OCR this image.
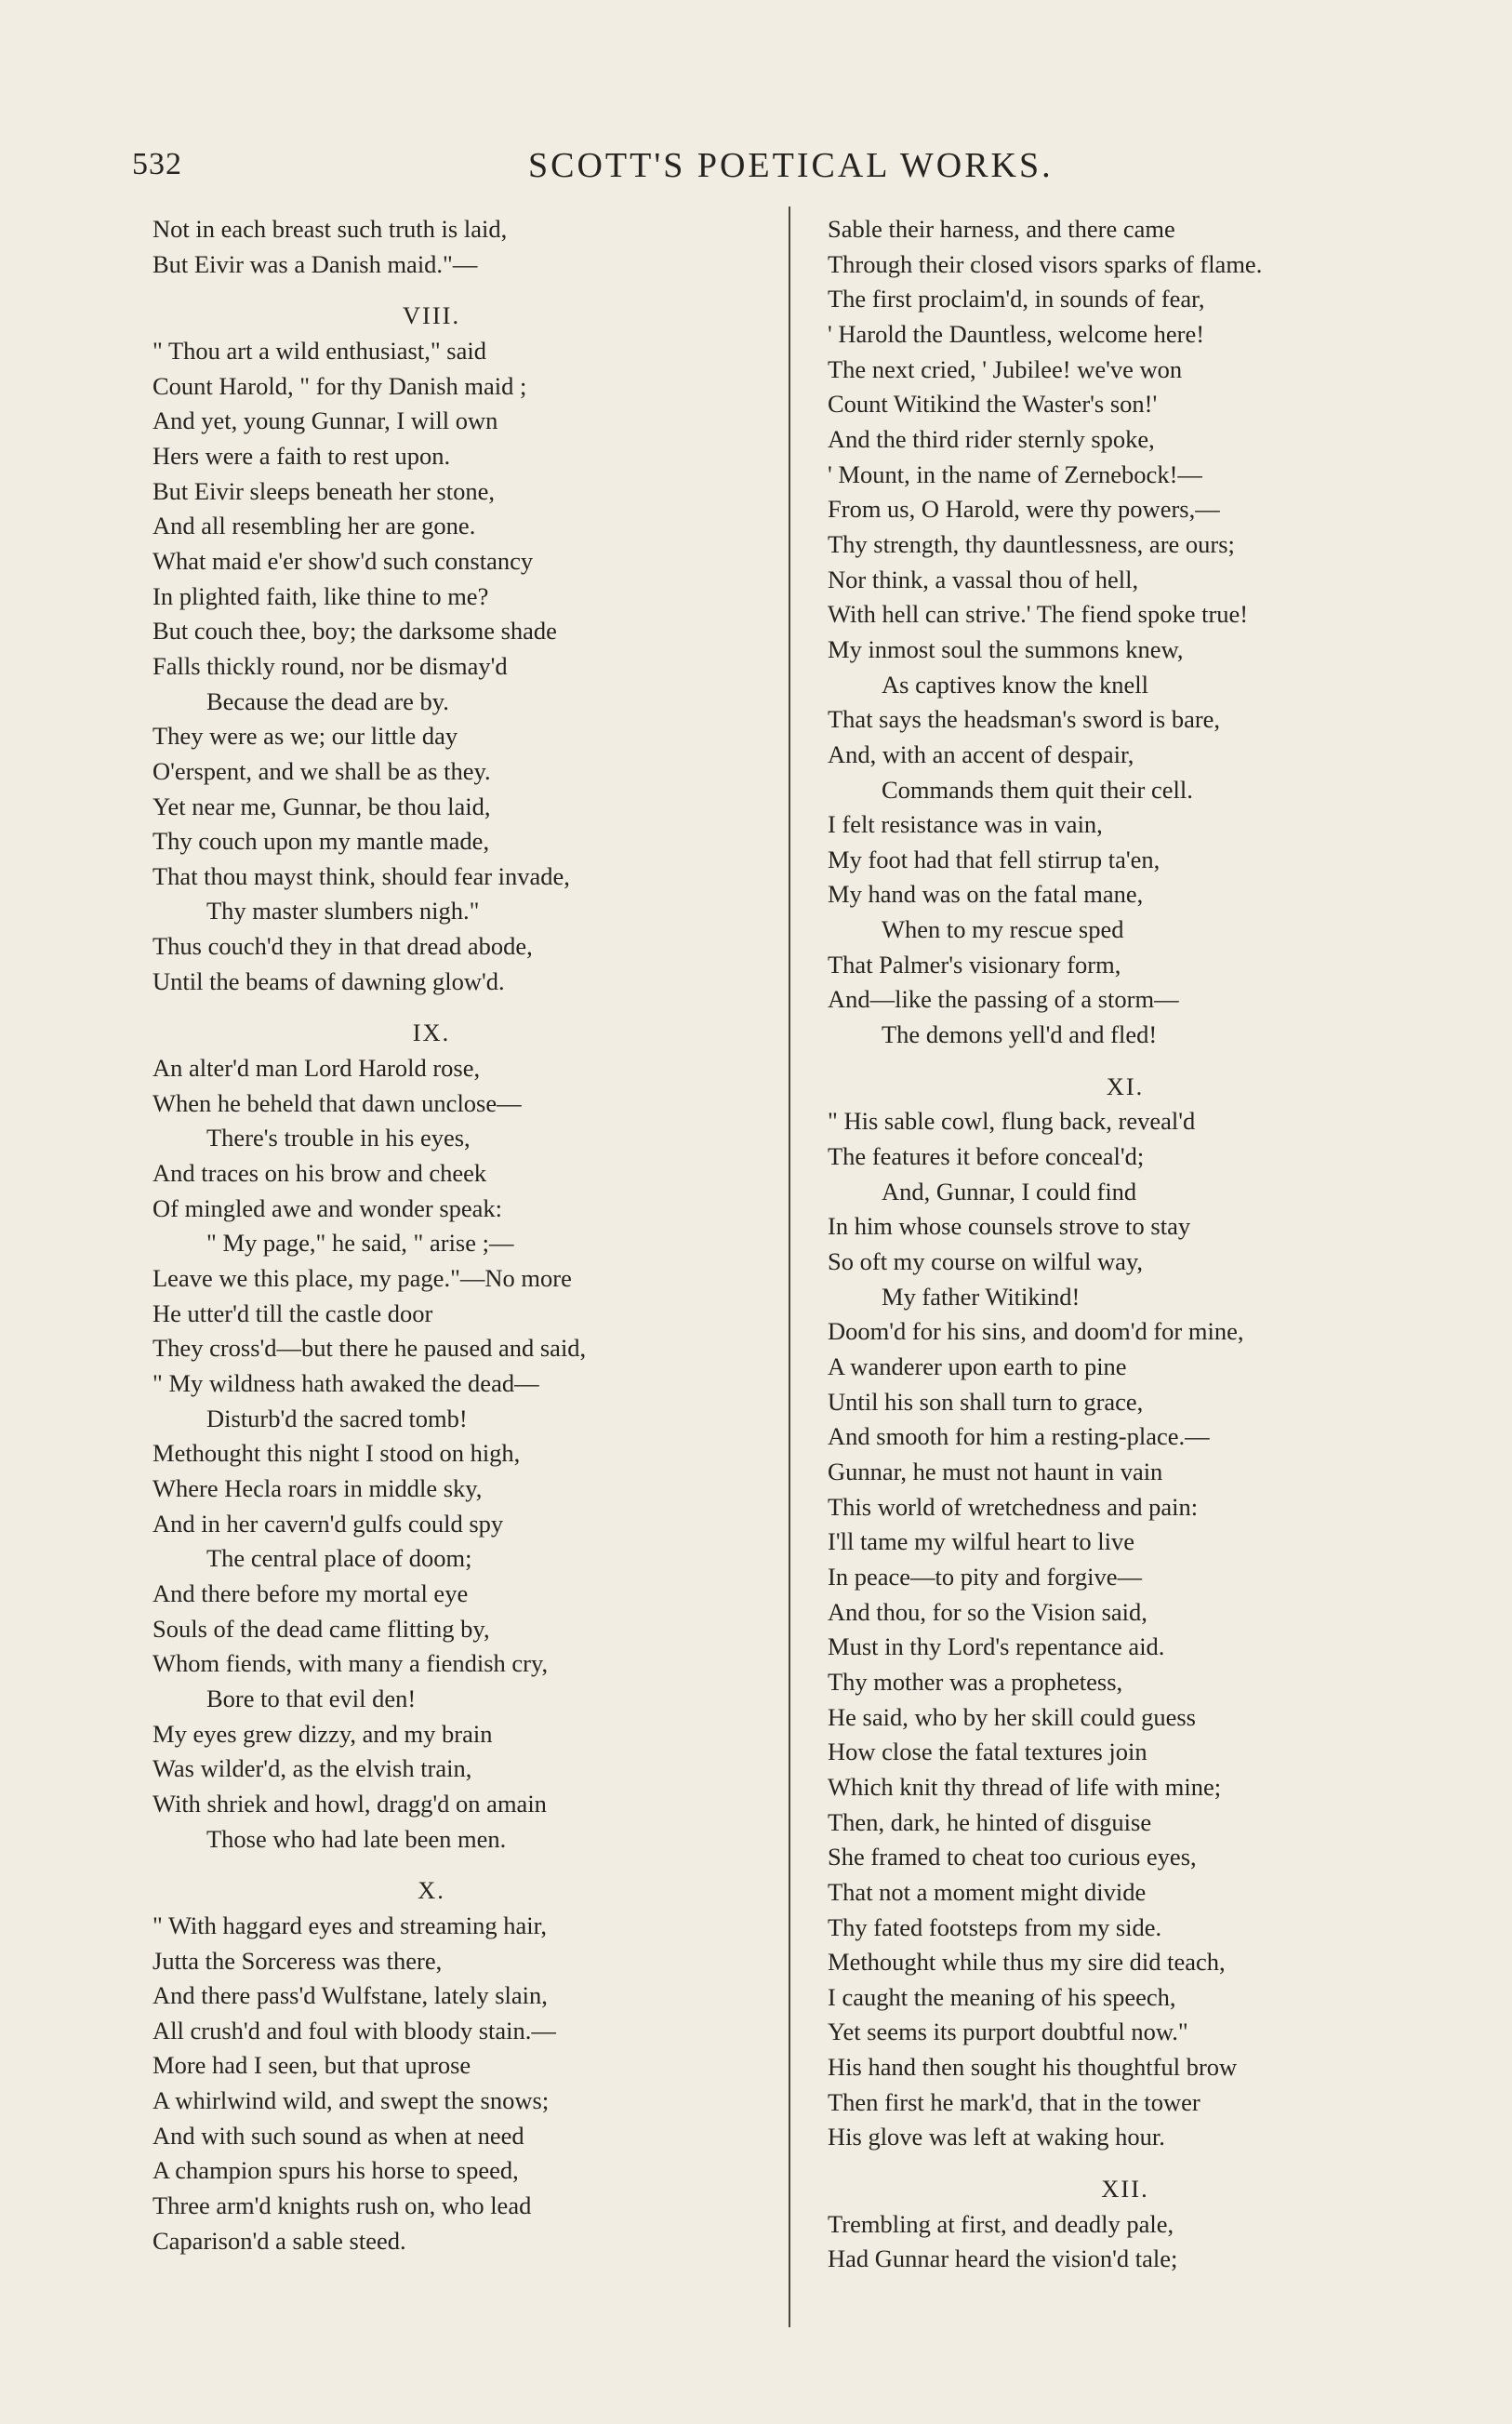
532	SCOTT'S POETICAL WORKS.
Not in each breast such truth is laid,
But Eivir was a Danish maid."—
VIII.
" Thou art a wild enthusiast," said
Count Harold, " for thy Danish maid ;
And yet, young Gunnar, I will own
Hers were a faith to rest upon.
But Eivir sleeps beneath her stone,
And all resembling her are gone.
What maid e'er show'd such constancy
In plighted faith, like thine to me?
But couch thee, boy; the darksome shade
Falls thickly round, nor be dismay'd
Because the dead are by.
They were as we; our little day
O'erspent, and we shall be as they.
Yet near me, Gunnar, be thou laid,
Thy couch upon my mantle made,
That thou mayst think, should fear invade,
Thy master slumbers nigh."
Thus couch'd they in that dread abode,
Until the beams of dawning glow'd.
IX.
An alter'd man Lord Harold rose,
When he beheld that dawn unclose—
There's trouble in his eyes,
And traces on his brow and cheek
Of mingled awe and wonder speak:
" My page," he said, " arise ;—
Leave we this place, my page."—No more
He utter'd till the castle door
They cross'd—but there he paused and said,
" My wildness hath awaked the dead—
Disturb'd the sacred tomb!
Methought this night I stood on high,
Where Hecla roars in middle sky,
And in her cavern'd gulfs could spy
The central place of doom;
And there before my mortal eye
Souls of the dead came flitting by,
Whom fiends, with many a fiendish cry,
Bore to that evil den!
My eyes grew dizzy, and my brain
Was wilder'd, as the elvish train,
With shriek and howl, dragg'd on amain
Those who had late been men.
X.
" With haggard eyes and streaming hair,
Jutta the Sorceress was there,
And there pass'd Wulfstane, lately slain,
All crush'd and foul with bloody stain.—
More had I seen, but that uprose
A whirlwind wild, and swept the snows;
And with such sound as when at need
A champion spurs his horse to speed,
Three arm'd knights rush on, who lead
Caparison'd a sable steed.
Sable their harness, and there came
Through their closed visors sparks of flame.
The first proclaim'd, in sounds of fear,
' Harold the Dauntless, welcome here!
The next cried, ' Jubilee! we've won
Count Witikind the Waster's son!'
And the third rider sternly spoke,
' Mount, in the name of Zernebock!—
From us, O Harold, were thy powers,—
Thy strength, thy dauntlessness, are ours;
Nor think, a vassal thou of hell,
With hell can strive.' The fiend spoke true!
My inmost soul the summons knew,
As captives know the knell
That says the headsman's sword is bare,
And, with an accent of despair,
Commands them quit their cell.
I felt resistance was in vain,
My foot had that fell stirrup ta'en,
My hand was on the fatal mane,
When to my rescue sped
That Palmer's visionary form,
And—like the passing of a storm—
The demons yell'd and fled!
XI.
" His sable cowl, flung back, reveal'd
The features it before conceal'd;
And, Gunnar, I could find
In him whose counsels strove to stay
So oft my course on wilful way,
My father Witikind!
Doom'd for his sins, and doom'd for mine,
A wanderer upon earth to pine
Until his son shall turn to grace,
And smooth for him a resting-place.—
Gunnar, he must not haunt in vain
This world of wretchedness and pain:
I'll tame my wilful heart to live
In peace—to pity and forgive—
And thou, for so the Vision said,
Must in thy Lord's repentance aid.
Thy mother was a prophetess,
He said, who by her skill could guess
How close the fatal textures join
Which knit thy thread of life with mine;
Then, dark, he hinted of disguise
She framed to cheat too curious eyes,
That not a moment might divide
Thy fated footsteps from my side.
Methought while thus my sire did teach,
I caught the meaning of his speech,
Yet seems its purport doubtful now."
His hand then sought his thoughtful brow
Then first he mark'd, that in the tower
His glove was left at waking hour.
XII.
Trembling at first, and deadly pale,
Had Gunnar heard the vision'd tale;
